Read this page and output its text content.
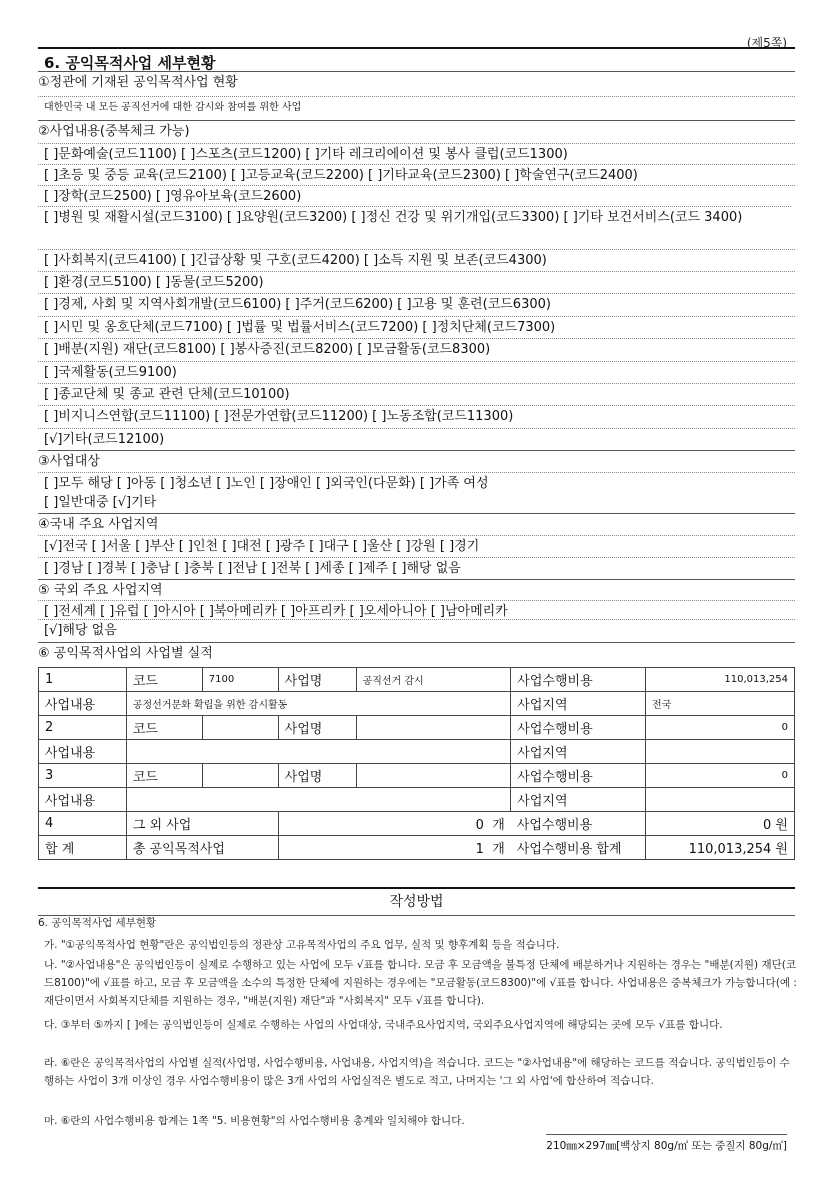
(제5쪽)
6. 공익목적사업 세부현황
①정관에 기재된 공익목적사업 현황
대한민국 내 모든 공직선거에 대한 감시와 참여를 위한 사업
②사업내용(중복체크 가능)
[ ]문화예술(코드1100) [ ]스포츠(코드1200) [ ]기타 레크리에이션 및 봉사 클럽(코드1300)
[ ]초등 및 중등 교육(코드2100) [ ]고등교육(코드2200) [ ]기타교육(코드2300) [ ]학술연구(코드2400)
[ ]장학(코드2500) [ ]영유아보육(코드2600)
[ ]병원 및 재활시설(코드3100) [ ]요양원(코드3200) [ ]정신 건강 및 위기개입(코드3300) [ ]기타 보건서비스(코드 3400)
[ ]사회복지(코드4100) [ ]긴급상황 및 구호(코드4200) [ ]소득 지원 및 보존(코드4300)
[ ]환경(코드5100) [ ]동물(코드5200)
[ ]경제, 사회 및 지역사회개발(코드6100) [ ]주거(코드6200) [ ]고용 및 훈련(코드6300)
[ ]시민 및 옹호단체(코드7100) [ ]법률 및 법률서비스(코드7200) [ ]정치단체(코드7300)
[ ]배분(지원) 재단(코드8100) [ ]봉사증진(코드8200) [ ]모금활동(코드8300)
[ ]국제활동(코드9100)
[ ]종교단체 및 종교 관련 단체(코드10100)
[ ]비지니스연합(코드11100) [ ]전문가연합(코드11200) [ ]노동조합(코드11300)
[√]기타(코드12100)
③사업대상
[ ]모두 해당 [ ]아동 [ ]청소년 [ ]노인 [ ]장애인 [ ]외국인(다문화) [ ]가족 여성
[ ]일반대중 [√]기타
④국내 주요 사업지역
[√]전국 [ ]서울 [ ]부산 [ ]인천 [ ]대전 [ ]광주 [ ]대구 [ ]울산 [ ]강원 [ ]경기
[ ]경남 [ ]경북 [ ]충남 [ ]충북 [ ]전남 [ ]전북 [ ]세종 [ ]제주 [ ]해당 없음
⑤ 국외 주요 사업지역
[ ]전세계 [ ]유럽 [ ]아시아 [ ]북아메리카 [ ]아프리카 [ ]오세아니아 [ ]남아메리카
[√]해당 없음
⑥ 공익목적사업의 사업별 실적
1	코드	7100	사업명	공직선거 감시	사업수행비용	110,013,254
사업내용	공정선거문화 확립을 위한 감시활동				사업지역	전국
2	코드		사업명		사업수행비용	0
사업내용					사업지역	
3	코드		사업명		사업수행비용	0
사업내용					사업지역	
4	그 외 사업		0 개		사업수행비용	0 원
합 계	총 공익목적사업		1 개		사업수행비용 합계	110,013,254 원
작성방법
6. 공익목적사업 세부현황
가. "①공익목적사업 현황"란은 공익법인등의 정관상 고유목적사업의 주요 업무, 실적 및 향후계획 등을 적습니다.
나. "②사업내용"은 공익법인등이 실제로 수행하고 있는 사업에 모두 √표를 합니다. 모금 후 모금액을 불특정 단체에 배분하거나 지원하는 경우는 "배분(지원) 재단(코드8100)"에 √표를 하고, 모금 후 모금액을 소수의 특정한 단체에 지원하는 경우에는 "모금활동(코드8300)"에 √표를 합니다. 사업내용은 중복체크가 가능합니다(예 : 재단이면서 사회복지단체를 지원하는 경우, "배분(지원) 재단"과 "사회복지" 모두 √표를 합니다).
다. ③부터 ⑤까지 [ ]에는 공익법인등이 실제로 수행하는 사업의 사업대상, 국내주요사업지역, 국외주요사업지역에 해당되는 곳에 모두 √표를 합니다.
라. ⑥란은 공익목적사업의 사업별 실적(사업명, 사업수행비용, 사업내용, 사업지역)을 적습니다. 코드는 "②사업내용"에 해당하는 코드를 적습니다. 공익법인등이 수행하는 사업이 3개 이상인 경우 사업수행비용이 많은 3개 사업의 사업실적은 별도로 적고, 나머지는 '그 외 사업'에 합산하여 적습니다.
마. ⑥란의 사업수행비용 합계는 1쪽 "5. 비용현황"의 사업수행비용 총계와 일치해야 합니다.
210㎜×297㎜[백상지 80g/㎡ 또는 중질지 80g/㎡]
